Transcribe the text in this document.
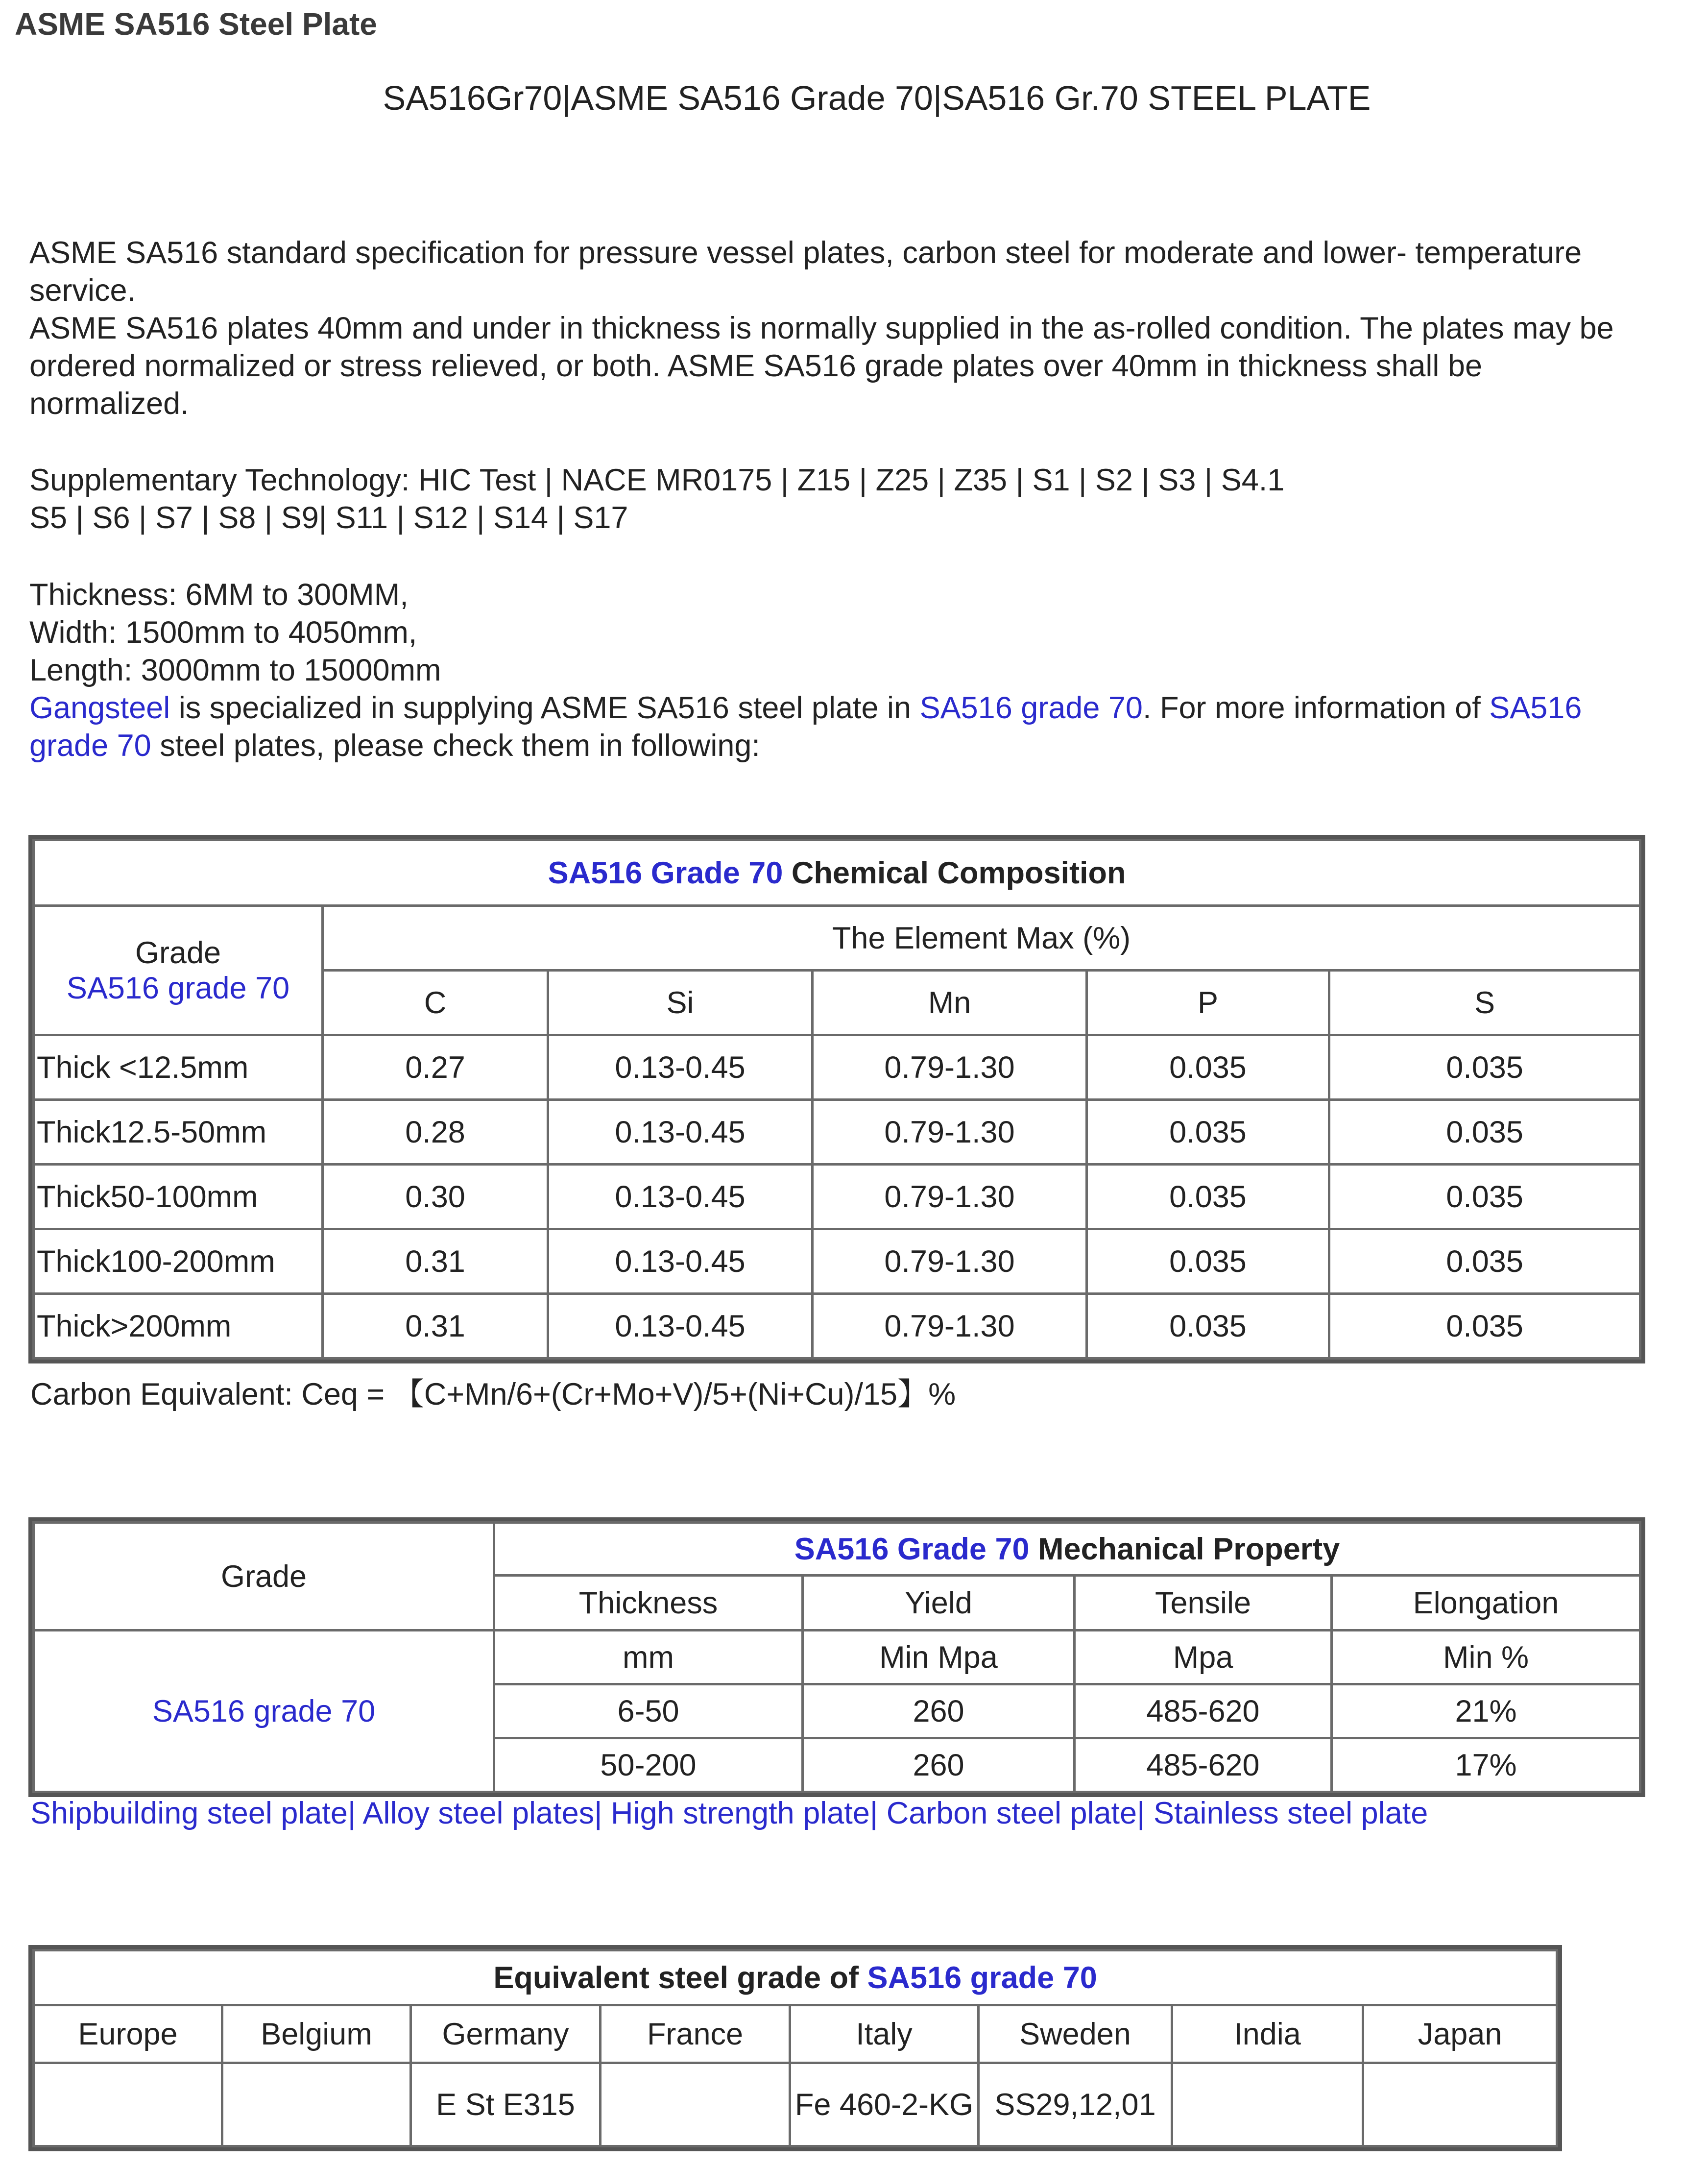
ASME SA516 Steel Plate
SA516Gr70|ASME SA516 Grade 70|SA516 Gr.70 STEEL PLATE
ASME SA516 standard specification for pressure vessel plates, carbon steel for moderate and lower- temperature
service.
ASME SA516 plates 40mm and under in thickness is normally supplied in the as-rolled condition. The plates may be
ordered normalized or stress relieved, or both. ASME SA516 grade plates over 40mm in thickness shall be
normalized.
Supplementary Technology: HIC Test | NACE MR0175 | Z15 | Z25 | Z35 | S1 | S2 | S3 | S4.1
S5 | S6 | S7 | S8 | S9| S11 | S12 | S14 | S17
Thickness: 6MM to 300MM,
Width: 1500mm to 4050mm,
Length: 3000mm to 15000mm
Gangsteel is specialized in supplying ASME SA516 steel plate in SA516 grade 70. For more information of SA516
grade 70 steel plates, please check them in following:
SA516 Grade 70 Chemical Composition					

Grade
SA516 grade 70	The Element Max (%)				
	C	Si	Mn	P	S
Thick <12.5mm	0.27	0.13-0.45	0.79-1.30	0.035	0.035
Thick12.5-50mm	0.28	0.13-0.45	0.79-1.30	0.035	0.035
Thick50-100mm	0.30	0.13-0.45	0.79-1.30	0.035	0.035
Thick100-200mm	0.31	0.13-0.45	0.79-1.30	0.035	0.035
Thick>200mm	0.31	0.13-0.45	0.79-1.30	0.035	0.035
Carbon Equivalent: Ceq = 【C+Mn/6+(Cr+Mo+V)/5+(Ni+Cu)/15】%
Grade	SA516 Grade 70 Mechanical Property			
	Thickness	Yield	Tensile	Elongation
SA516 grade 70	mm	Min Mpa	Mpa	Min %
	6-50	260	485-620	21%
	50-200	260	485-620	17%
Shipbuilding steel plate| Alloy steel plates| High strength plate| Carbon steel plate| Stainless steel plate
Equivalent steel grade of SA516 grade 70							
Europe	Belgium	Germany	France	Italy	Sweden	India	Japan
		E St E315		Fe 460-2-KG	SS29,12,01		
